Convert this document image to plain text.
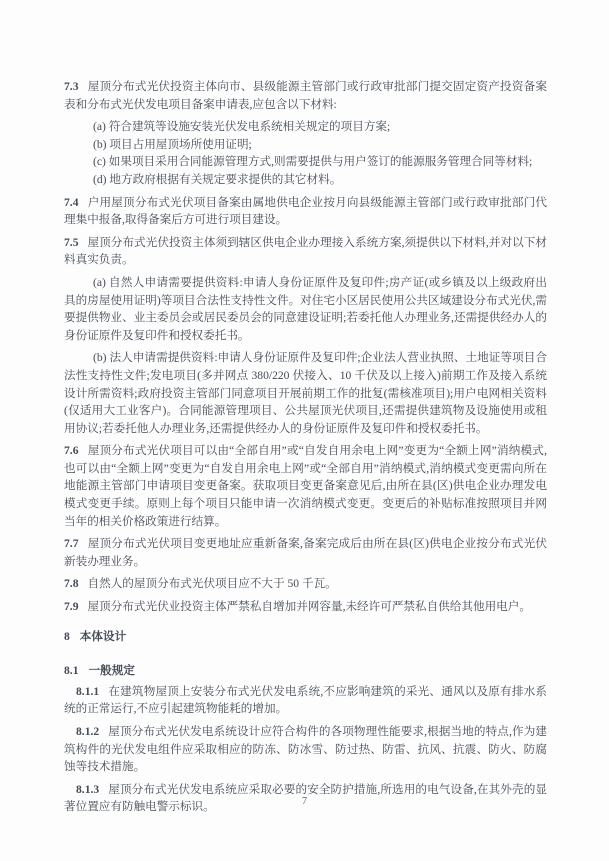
7.3 屋顶分布式光伏投资主体向市、县级能源主管部门或行政审批部门提交固定资产投资备案表和分布式光伏发电项目备案申请表,应包含以下材料:

(a) 符合建筑等设施安装光伏发电系统相关规定的项目方案;

(b) 项目占用屋顶场所使用证明;

(c) 如果项目采用合同能源管理方式,则需要提供与用户签订的能源服务管理合同等材料;

(d) 地方政府根据有关规定要求提供的其它材料。

7.4 户用屋顶分布式光伏项目备案由属地供电企业按月向县级能源主管部门或行政审批部门代理集中报备,取得备案后方可进行项目建设。

7.5 屋顶分布式光伏投资主体须到辖区供电企业办理接入系统方案,须提供以下材料,并对以下材料真实负责。

(a) 自然人申请需要提供资料:申请人身份证原件及复印件;房产证(或乡镇及以上级政府出具的房屋使用证明)等项目合法性支持性文件。对住宅小区居民使用公共区域建设分布式光伏,需要提供物业、业主委员会或居民委员会的同意建设证明;若委托他人办理业务,还需提供经办人的身份证原件及复印件和授权委托书。

(b) 法人申请需提供资料:申请人身份证原件及复印件;企业法人营业执照、土地证等项目合法性支持性文件;发电项目(多并网点 380/220 伏接入、10 千伏及以上接入)前期工作及接入系统设计所需资料;政府投资主管部门同意项目开展前期工作的批复(需核准项目);用户电网相关资料(仅适用大工业客户)。合同能源管理项目、公共屋顶光伏项目,还需提供建筑物及设施使用或租用协议;若委托他人办理业务,还需提供经办人的身份证原件及复印件和授权委托书。

7.6 屋顶分布式光伏项目可以由“全部自用”或“自发自用余电上网”变更为“全额上网”消纳模式,也可以由“全额上网”变更为“自发自用余电上网”或“全部自用”消纳模式,消纳模式变更需向所在地能源主管部门申请项目变更备案。获取项目变更备案意见后,由所在县(区)供电企业办理发电模式变更手续。原则上每个项目只能申请一次消纳模式变更。变更后的补贴标准按照项目并网当年的相关价格政策进行结算。

7.7 屋顶分布式光伏项目变更地址应重新备案,备案完成后由所在县(区)供电企业按分布式光伏新装办理业务。

7.8 自然人的屋顶分布式光伏项目应不大于 50 千瓦。

7.9 屋顶分布式光伏业投资主体严禁私自增加并网容量,未经许可严禁私自供给其他用电户。

8 本体设计

8.1 一般规定

8.1.1 在建筑物屋顶上安装分布式光伏发电系统,不应影响建筑的采光、通风以及原有排水系统的正常运行,不应引起建筑物能耗的增加。

8.1.2 屋顶分布式光伏发电系统设计应符合构件的各项物理性能要求,根据当地的特点,作为建筑构件的光伏发电组件应采取相应的防冻、防冰雪、防过热、防雷、抗风、抗震、防火、防腐蚀等技术措施。

8.1.3 屋顶分布式光伏发电系统应采取必要的安全防护措施,所选用的电气设备,在其外壳的显著位置应有防触电警示标识。	7
